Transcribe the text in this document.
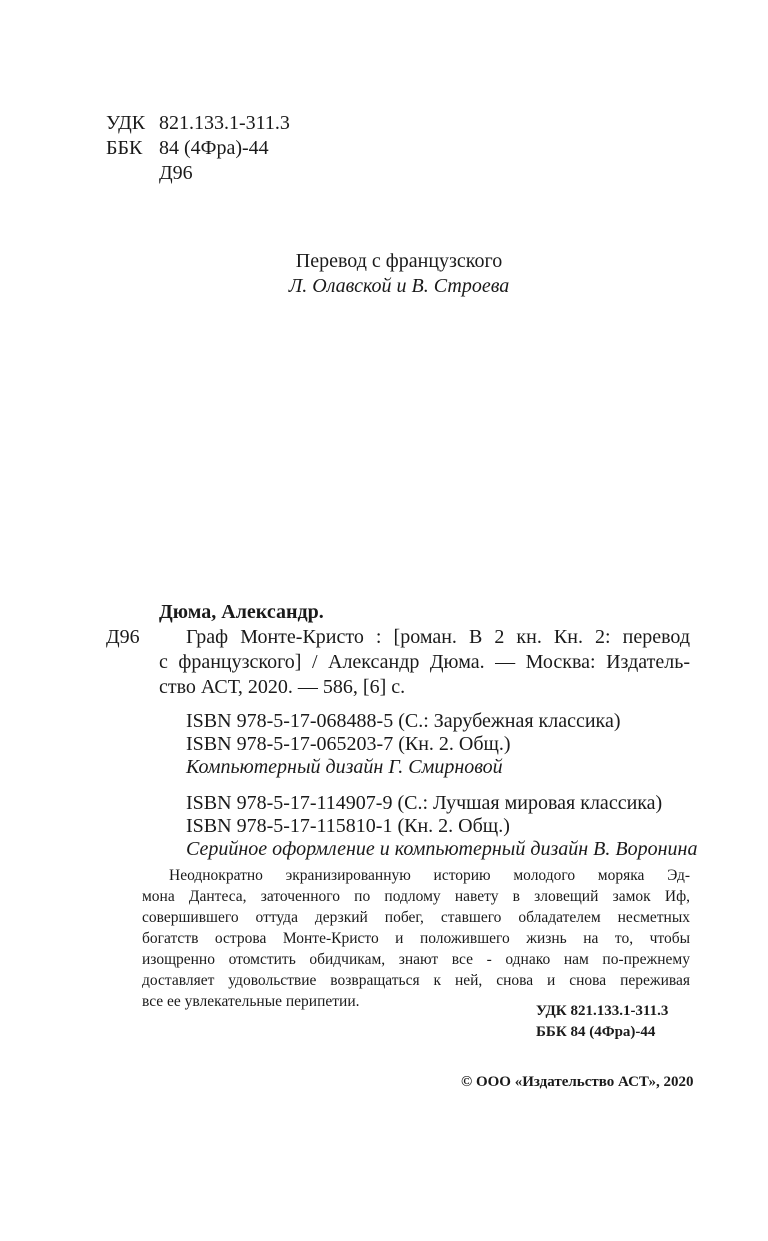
УДК 821.133.1-311.3
ББК 84 (4Фра)-44
Д96
Перевод с французского
Л. Олавской и В. Строева
Дюма, Александр.
Д96	Граф Монте-Кристо : [роман. В 2 кн. Кн. 2: перевод
с французского] / Александр Дюма. — Москва: Издатель-
ство АСТ, 2020. — 586, [6] с.
ISBN 978-5-17-068488-5 (С.: Зарубежная классика)
ISBN 978-5-17-065203-7 (Кн. 2. Общ.)
Компьютерный дизайн Г. Смирновой
ISBN 978-5-17-114907-9 (С.: Лучшая мировая классика)
ISBN 978-5-17-115810-1 (Кн. 2. Общ.)
Серийное оформление и компьютерный дизайн В. Воронина
Неоднократно экранизированную историю молодого моряка Эд-
мона Дантеса, заточенного по подлому навету в зловещий замок Иф,
совершившего оттуда дерзкий побег, ставшего обладателем несметных
богатств острова Монте-Кристо и положившего жизнь на то, чтобы
изощренно отомстить обидчикам, знают все - однако нам по-прежнему
доставляет удовольствие возвращаться к ней, снова и снова переживая
все ее увлекательные перипетии.
УДК 821.133.1-311.3
ББК 84 (4Фра)-44
© ООО «Издательство АСТ», 2020
